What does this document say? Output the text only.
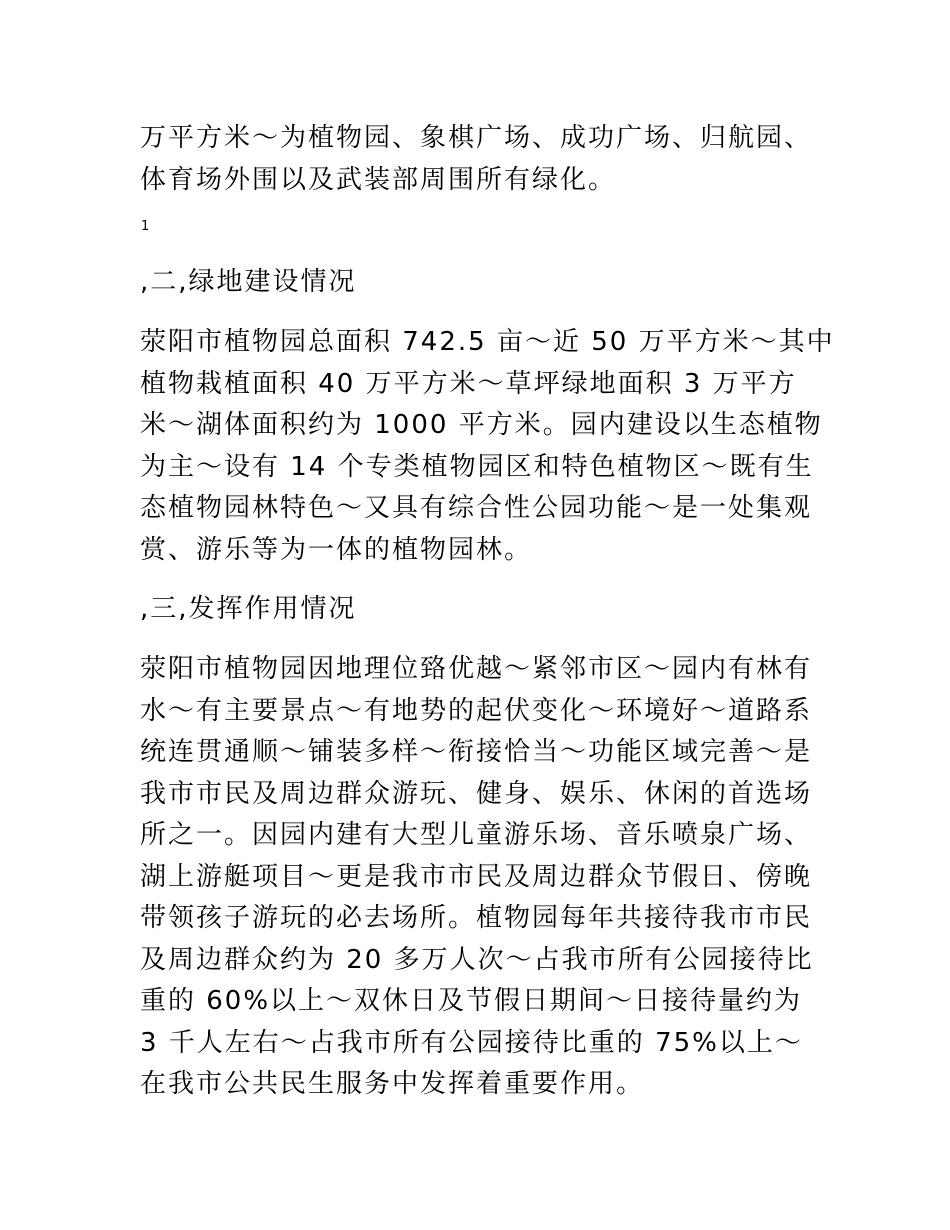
万平方米～为植物园、象棋广场、成功广场、归航园、
体育场外围以及武装部周围所有绿化。
1
,二,绿地建设情况
荥阳市植物园总面积 742.5 亩～近 50 万平方米～其中
植物栽植面积 40 万平方米～草坪绿地面积 3 万平方
米～湖体面积约为 1000 平方米。园内建设以生态植物
为主～设有 14 个专类植物园区和特色植物区～既有生
态植物园林特色～又具有综合性公园功能～是一处集观
赏、游乐等为一体的植物园林。
,三,发挥作用情况
荥阳市植物园因地理位臵优越～紧邻市区～园内有林有
水～有主要景点～有地势的起伏变化～环境好～道路系
统连贯通顺～铺装多样～衔接恰当～功能区域完善～是
我市市民及周边群众游玩、健身、娱乐、休闲的首选场
所之一。因园内建有大型儿童游乐场、音乐喷泉广场、
湖上游艇项目～更是我市市民及周边群众节假日、傍晚
带领孩子游玩的必去场所。植物园每年共接待我市市民
及周边群众约为 20 多万人次～占我市所有公园接待比
重的 60%以上～双休日及节假日期间～日接待量约为
3 千人左右～占我市所有公园接待比重的 75%以上～
在我市公共民生服务中发挥着重要作用。
